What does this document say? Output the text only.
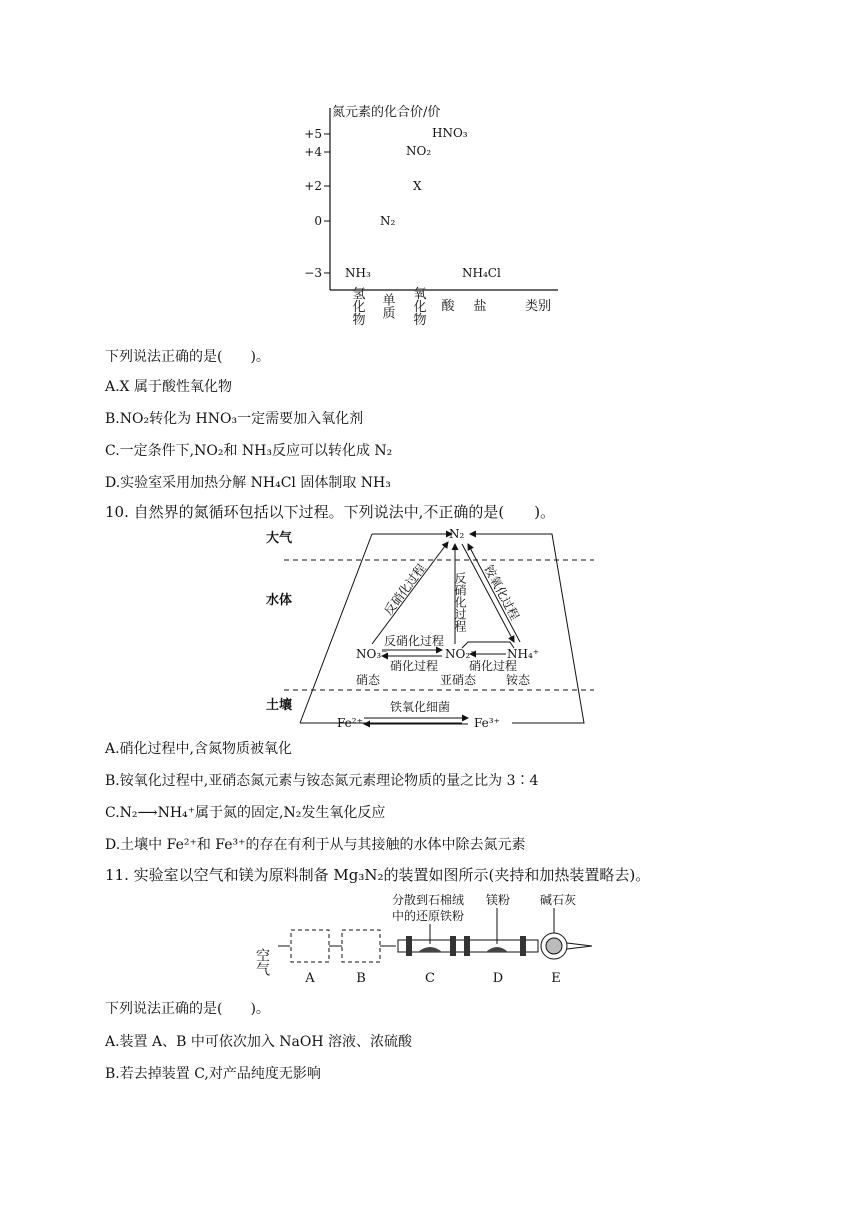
氮元素的化合价/价
+5
+4
+2
0
−3
HNO₃
NO₂
X
N₂
NH₃	NH₄Cl
氢化物 单质 氧化物 酸 盐	类别
下列说法正确的是(　　)。
A.X 属于酸性氧化物
B.NO₂转化为 HNO₃一定需要加入氧化剂
C.一定条件下,NO₂和 NH₃反应可以转化成 N₂
D.实验室采用加热分解 NH₄Cl 固体制取 NH₃
10. 自然界的氮循环包括以下过程。下列说法中,不正确的是(　　)。
大气
水体
土壤
N₂
NO₃⁻	NO₂⁻	NH₄⁺
Fe²⁺	Fe³⁺
反硝化过程 反硝化过程 铵氧化过程
反硝化过程
硝化过程	硝化过程
硝态	亚硝态 铵态
铁氧化细菌
A.硝化过程中,含氮物质被氧化
B.铵氧化过程中,亚硝态氮元素与铵态氮元素理论物质的量之比为 3∶4
C.N₂⟶NH₄⁺属于氮的固定,N₂发生氧化反应
D.土壤中 Fe²⁺和 Fe³⁺的存在有利于从与其接触的水体中除去氮元素
11. 实验室以空气和镁为原料制备 Mg₃N₂的装置如图所示(夹持和加热装置略去)。
空气
分散到石棉绒
中的还原铁粉
镁粉 碱石灰
A	B	C	D	E
下列说法正确的是(　　)。
A.装置 A、B 中可依次加入 NaOH 溶液、浓硫酸
B.若去掉装置 C,对产品纯度无影响
